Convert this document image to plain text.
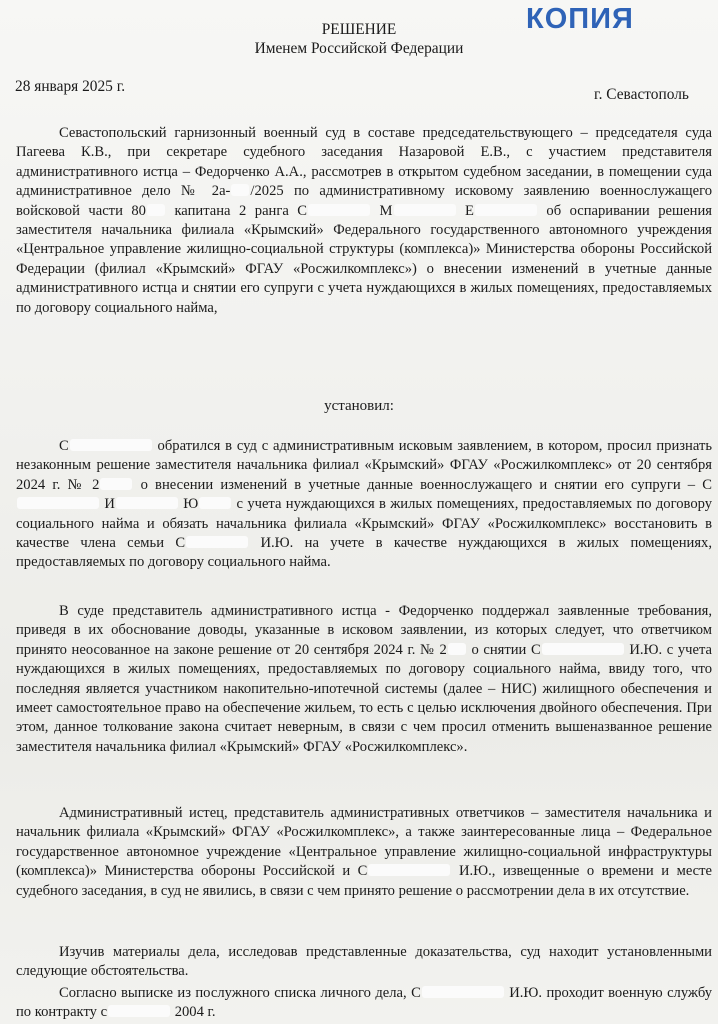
КОПИЯ
РЕШЕНИЕ
Именем Российской Федерации
28 января 2025 г.	г. Севастополь
Севастопольский гарнизонный военный суд в составе председательствующего – председателя суда Пагеева К.В., при секретаре судебного заседания Назаровой Е.В., с участием представителя административного истца – Федорченко А.А., рассмотрев в открытом судебном заседании, в помещении суда административное дело № 2а- /2025 по административному исковому заявлению военнослужащего войсковой части 80 капитана 2 ранга С	М	Е	об оспаривании решения заместителя начальника филиала «Крымский» Федерального государственного автономного учреждения «Центральное управление жилищно-социальной структуры (комплекса)» Министерства обороны Российской Федерации (филиал «Крымский» ФГАУ «Росжилкомплекс») о внесении изменений в учетные данные административного истца и снятии его супруги с учета нуждающихся в жилых помещениях, предоставляемых по договору социального найма,
установил:
С	обратился в суд с административным исковым заявлением, в котором, просил признать незаконным решение заместителя начальника филиал «Крымский» ФГАУ «Росжилкомплекс» от 20 сентября 2024 г. № 2	о внесении изменений в учетные данные военнослужащего и снятии его супруги – С И	Ю	с учета нуждающихся в жилых помещениях, предоставляемых по договору социального найма и обязать начальника филиала «Крымский» ФГАУ «Росжилкомплекс» восстановить в качестве члена семьи С	И.Ю. на учете в качестве нуждающихся в жилых помещениях, предоставляемых по договору социального найма.
В суде представитель административного истца - Федорченко поддержал заявленные требования, приведя в их обоснование доводы, указанные в исковом заявлении, из которых следует, что ответчиком принято неосованное на законе решение от 20 сентября 2024 г. № 2 о снятии С	И.Ю. с учета нуждающихся в жилых помещениях, предоставляемых по договору социального найма, ввиду того, что последняя является участником накопительно-ипотечной системы (далее – НИС) жилищного обеспечения и имеет самостоятельное право на обеспечение жильем, то есть с целью исключения двойного обеспечения. При этом, данное толкование закона считает неверным, в связи с чем просил отменить вышеназванное решение заместителя начальника филиал «Крымский» ФГАУ «Росжилкомплекс».
Административный истец, представитель административных ответчиков – заместителя начальника и начальник филиала «Крымский» ФГАУ «Росжилкомплекс», а также заинтересованные лица – Федеральное государственное автономное учреждение «Центральное управление жилищно-социальной инфраструктуры (комплекса)» Министерства обороны Российской и С	И.Ю., извещенные о времени и месте судебного заседания, в суд не явились, в связи с чем принято решение о рассмотрении дела в их отсутствие.
Изучив материалы дела, исследовав представленные доказательства, суд находит установленными следующие обстоятельства.
Согласно выписке из послужного списка личного дела, С	И.Ю. проходит военную службу по контракту с	2004 г.
